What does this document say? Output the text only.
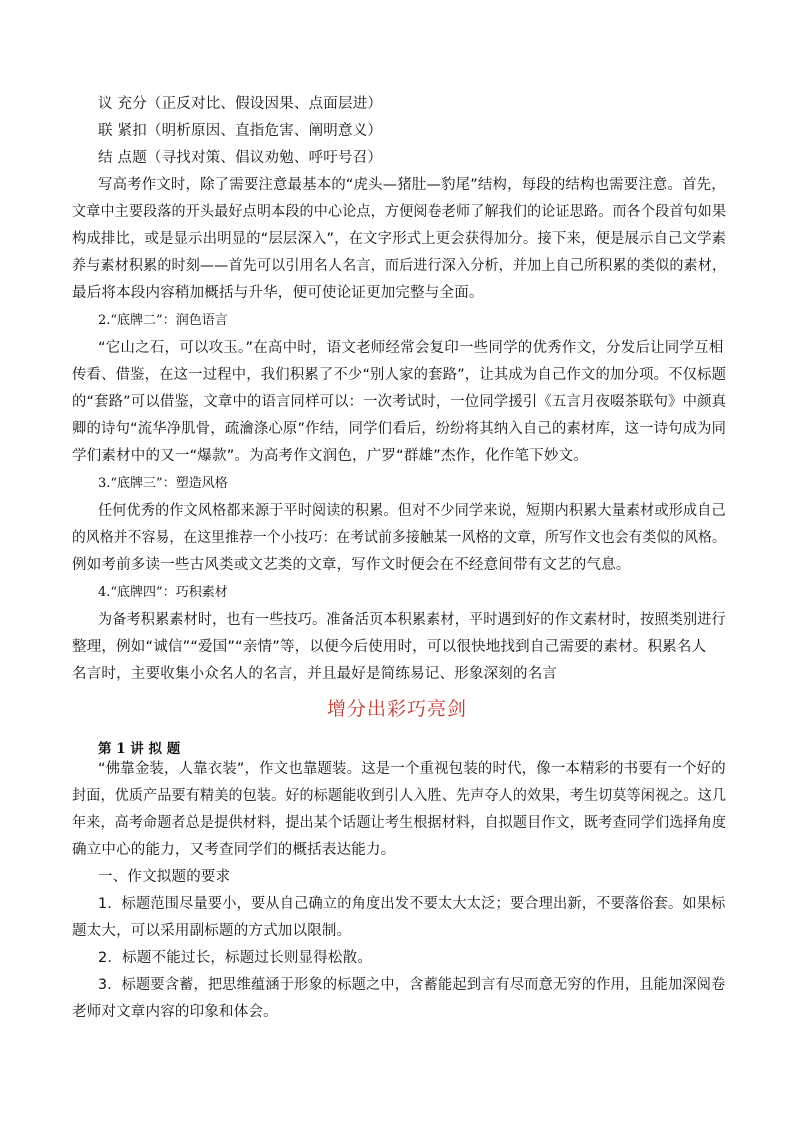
议 充分（正反对比、假设因果、点面层进）
联 紧扣（明析原因、直指危害、阐明意义）
结 点题（寻找对策、倡议劝勉、呼吁号召）
写高考作文时，除了需要注意最基本的“虎头—猪肚—豹尾”结构，每段的结构也需要注意。首先，
文章中主要段落的开头最好点明本段的中心论点，方便阅卷老师了解我们的论证思路。而各个段首句如果
构成排比，或是显示出明显的“层层深入”，在文字形式上更会获得加分。接下来，便是展示自己文学素
养与素材积累的时刻——首先可以引用名人名言，而后进行深入分析，并加上自己所积累的类似的素材，
最后将本段内容稍加概括与升华，便可使论证更加完整与全面。
2.“底牌二”：润色语言
“它山之石，可以攻玉。”在高中时，语文老师经常会复印一些同学的优秀作文，分发后让同学互相
传看、借鉴，在这一过程中，我们积累了不少“别人家的套路”，让其成为自己作文的加分项。不仅标题
的“套路”可以借鉴，文章中的语言同样可以：一次考试时，一位同学援引《五言月夜啜茶联句》中颜真
卿的诗句“流华净肌骨，疏瀹涤心原”作结，同学们看后，纷纷将其纳入自己的素材库，这一诗句成为同
学们素材中的又一“爆款”。为高考作文润色，广罗“群雄”杰作，化作笔下妙文。
3.“底牌三”：塑造风格
任何优秀的作文风格都来源于平时阅读的积累。但对不少同学来说，短期内积累大量素材或形成自己
的风格并不容易，在这里推荐一个小技巧：在考试前多接触某一风格的文章，所写作文也会有类似的风格。
例如考前多读一些古风类或文艺类的文章，写作文时便会在不经意间带有文艺的气息。
4.“底牌四”：巧积素材
为备考积累素材时，也有一些技巧。准备活页本积累素材，平时遇到好的作文素材时，按照类别进行
整理，例如“诚信”“爱国”“亲情”等，以便今后使用时，可以很快地找到自己需要的素材。积累名人
名言时，主要收集小众名人的名言，并且最好是简练易记、形象深刻的名言
增分出彩巧亮剑
第 1 讲 拟 题
“佛靠金装，人靠衣装”，作文也靠题装。这是一个重视包装的时代，像一本精彩的书要有一个好的
封面，优质产品要有精美的包装。好的标题能收到引人入胜、先声夺人的效果，考生切莫等闲视之。这几
年来，高考命题者总是提供材料，提出某个话题让考生根据材料，自拟题目作文，既考查同学们选择角度
确立中心的能力，又考查同学们的概括表达能力。
一、作文拟题的要求
1．标题范围尽量要小，要从自己确立的角度出发不要太大太泛；要合理出新，不要落俗套。如果标
题太大，可以采用副标题的方式加以限制。
2．标题不能过长，标题过长则显得松散。
3．标题要含蓄，把思维蕴涵于形象的标题之中，含蓄能起到言有尽而意无穷的作用，且能加深阅卷
老师对文章内容的印象和体会。
